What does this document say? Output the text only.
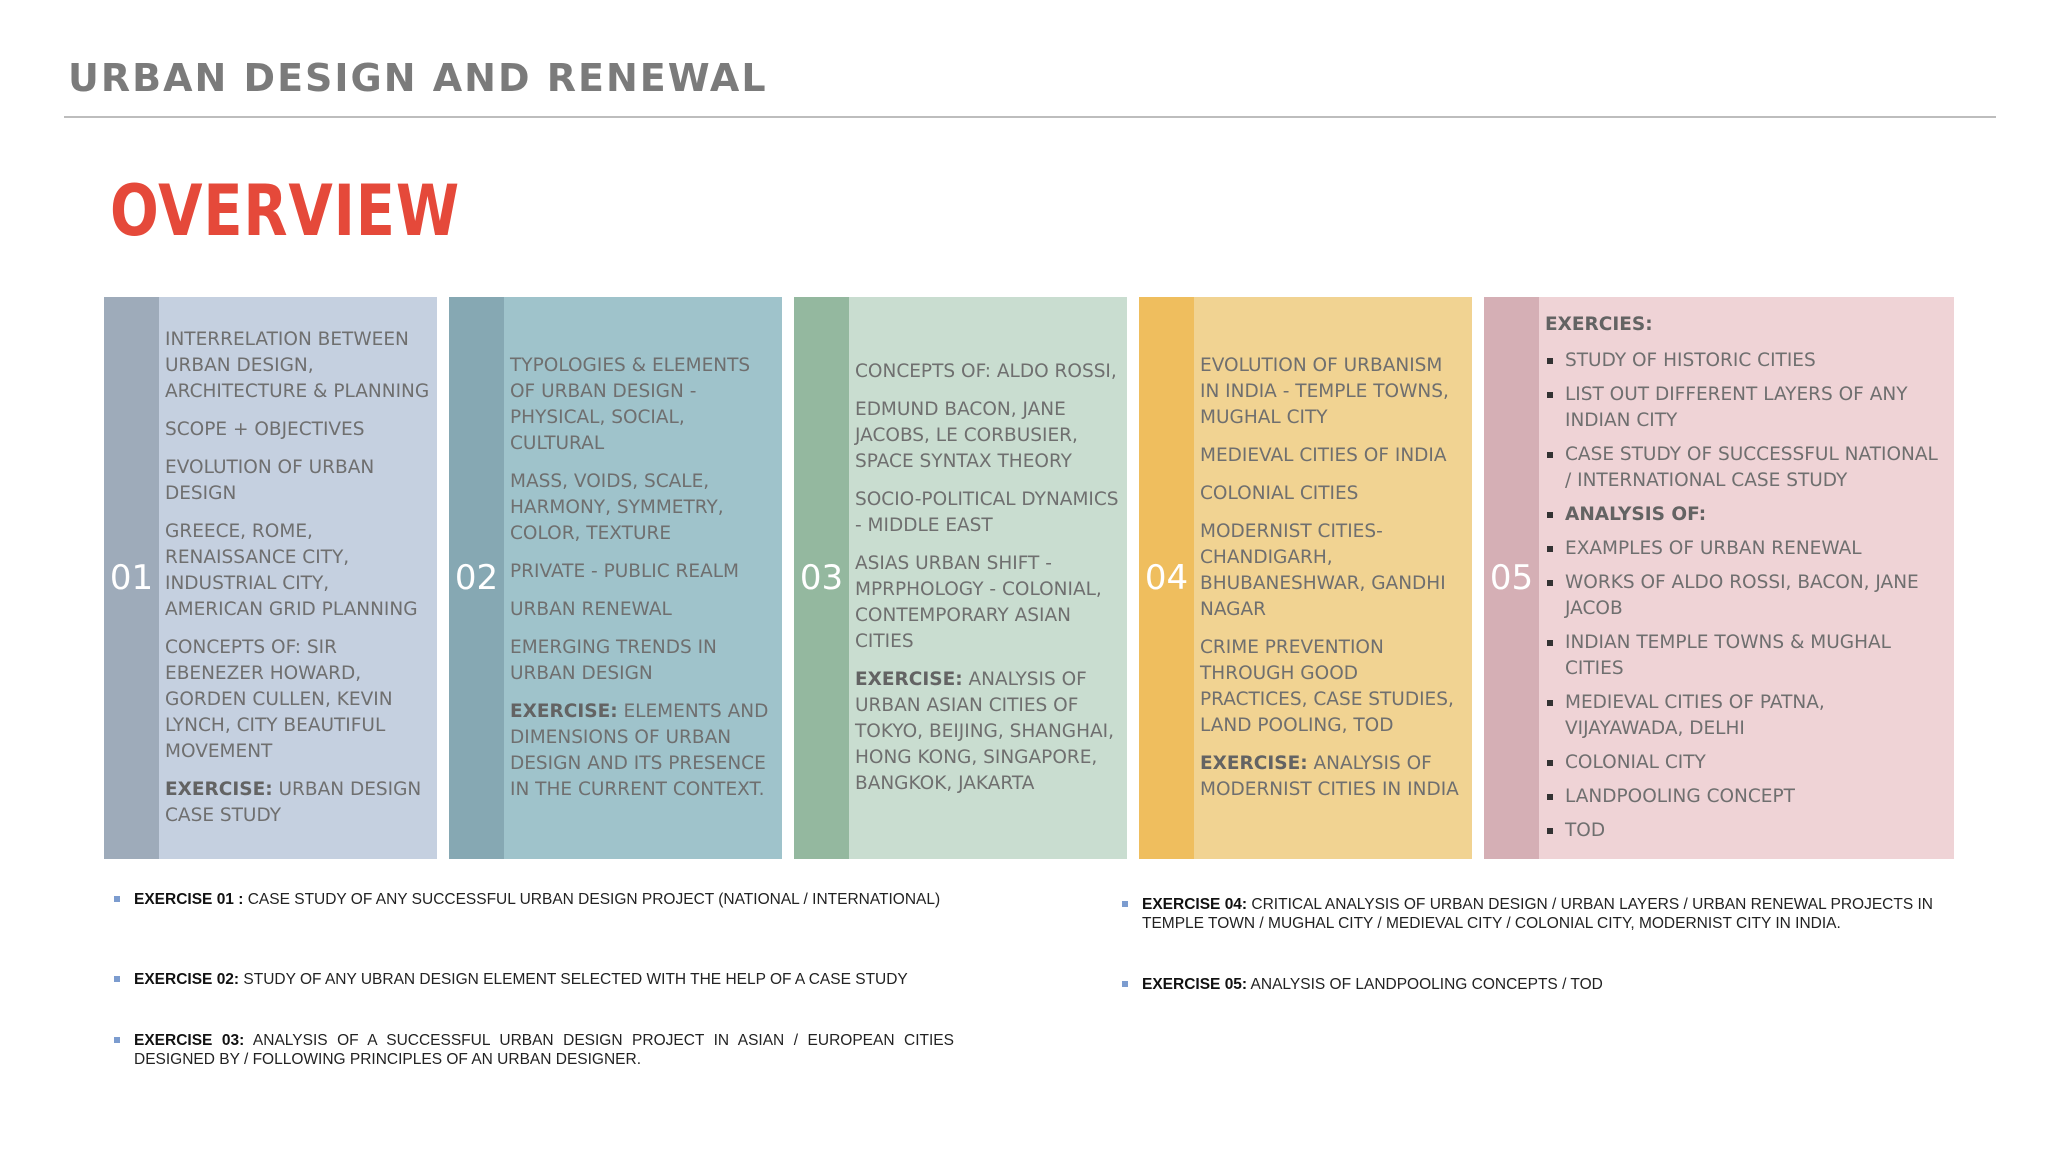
URBAN DESIGN AND RENEWAL
OVERVIEW
01
INTERRELATION BETWEEN URBAN DESIGN, ARCHITECTURE & PLANNING
SCOPE + OBJECTIVES
EVOLUTION OF URBAN DESIGN
GREECE, ROME, RENAISSANCE CITY, INDUSTRIAL CITY, AMERICAN GRID PLANNING
CONCEPTS OF: SIR EBENEZER HOWARD, GORDEN CULLEN, KEVIN LYNCH, CITY BEAUTIFUL MOVEMENT
EXERCISE: URBAN DESIGN CASE STUDY
02
TYPOLOGIES & ELEMENTS OF URBAN DESIGN - PHYSICAL, SOCIAL, CULTURAL
MASS, VOIDS, SCALE, HARMONY, SYMMETRY, COLOR, TEXTURE
PRIVATE - PUBLIC REALM
URBAN RENEWAL
EMERGING TRENDS IN URBAN DESIGN
EXERCISE: ELEMENTS AND DIMENSIONS OF URBAN DESIGN AND ITS PRESENCE IN THE CURRENT CONTEXT.
03
CONCEPTS OF: ALDO ROSSI,
EDMUND BACON, JANE JACOBS, LE CORBUSIER, SPACE SYNTAX THEORY
SOCIO-POLITICAL DYNAMICS - MIDDLE EAST
ASIAS URBAN SHIFT - MPRPHOLOGY - COLONIAL, CONTEMPORARY ASIAN CITIES
EXERCISE: ANALYSIS OF URBAN ASIAN CITIES OF TOKYO, BEIJING, SHANGHAI, HONG KONG, SINGAPORE, BANGKOK, JAKARTA
04
EVOLUTION OF URBANISM IN INDIA - TEMPLE TOWNS, MUGHAL CITY
MEDIEVAL CITIES OF INDIA
COLONIAL CITIES
MODERNIST CITIES- CHANDIGARH, BHUBANESHWAR, GANDHI NAGAR
CRIME PREVENTION THROUGH GOOD PRACTICES, CASE STUDIES, LAND POOLING, TOD
EXERCISE: ANALYSIS OF MODERNIST CITIES IN INDIA
05
EXERCIES:
STUDY OF HISTORIC CITIES
LIST OUT DIFFERENT LAYERS OF ANY INDIAN CITY
CASE STUDY OF SUCCESSFUL NATIONAL / INTERNATIONAL CASE STUDY
ANALYSIS OF:
EXAMPLES OF URBAN RENEWAL
WORKS OF ALDO ROSSI, BACON, JANE JACOB
INDIAN TEMPLE TOWNS & MUGHAL CITIES
MEDIEVAL CITIES OF PATNA, VIJAYAWADA, DELHI
COLONIAL CITY
LANDPOOLING CONCEPT
TOD
EXERCISE 01 : CASE STUDY OF ANY SUCCESSFUL URBAN DESIGN PROJECT (NATIONAL / INTERNATIONAL)
EXERCISE 02: STUDY OF ANY UBRAN DESIGN ELEMENT SELECTED WITH THE HELP OF A CASE STUDY
EXERCISE 03: ANALYSIS OF A SUCCESSFUL URBAN DESIGN PROJECT IN ASIAN / EUROPEAN CITIES DESIGNED BY / FOLLOWING PRINCIPLES OF AN URBAN DESIGNER.
EXERCISE 04: CRITICAL ANALYSIS OF URBAN DESIGN / URBAN LAYERS / URBAN RENEWAL PROJECTS IN TEMPLE TOWN / MUGHAL CITY / MEDIEVAL CITY / COLONIAL CITY, MODERNIST CITY IN INDIA.
EXERCISE 05: ANALYSIS OF LANDPOOLING CONCEPTS / TOD
